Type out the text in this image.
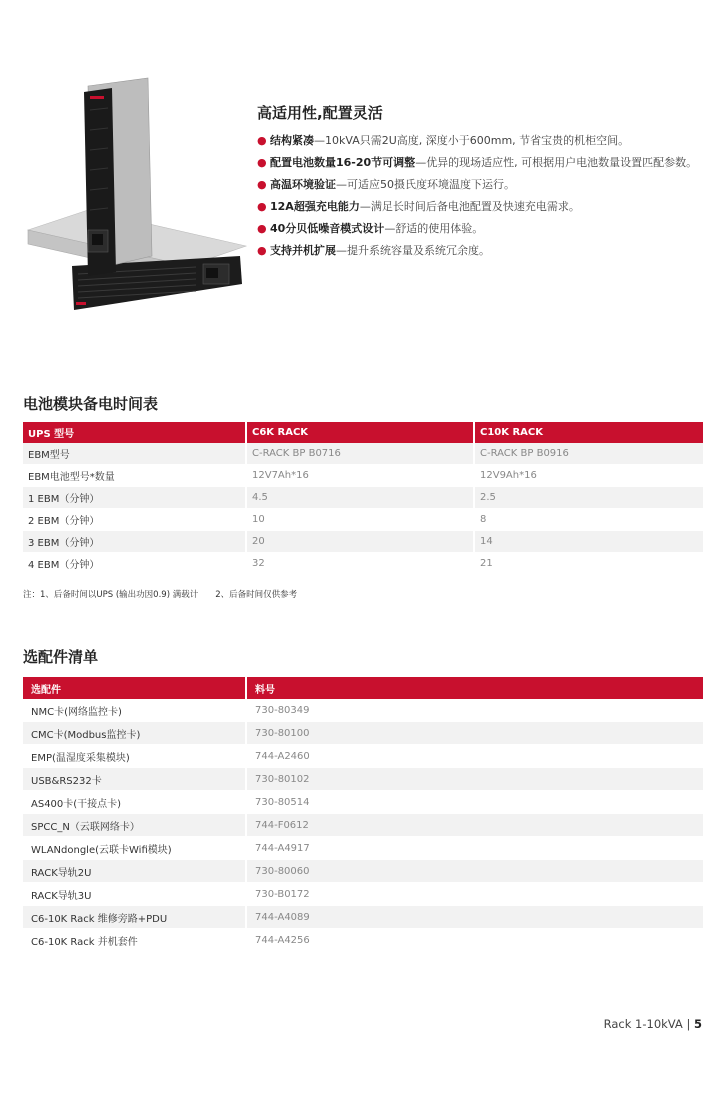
高适用性,配置灵活
● 结构紧凑—10kVA只需2U高度, 深度小于600mm, 节省宝贵的机柜空间。
● 配置电池数量16-20节可调整—优异的现场适应性, 可根据用户电池数量设置匹配参数。
● 高温环境验证—可适应50摄氏度环境温度下运行。
● 12A超强充电能力—满足长时间后备电池配置及快速充电需求。
● 40分贝低噪音模式设计—舒适的使用体验。
● 支持并机扩展—提升系统容量及系统冗余度。
电池模块备电时间表
UPS 型号	C6K RACK	C10K RACK
EBM型号	C-RACK BP B0716	C-RACK BP B0916
EBM电池型号*数量	12V7Ah*16	12V9Ah*16
1 EBM（分钟）	4.5	2.5
2 EBM（分钟）	10	8
3 EBM（分钟）	20	14
4 EBM（分钟）	32	21
注：1、后备时间以UPS (输出功因0.9) 满载计　　2、后备时间仅供参考
选配件清单
选配件	料号
NMC卡(网络监控卡)	730-80349
CMC卡(Modbus监控卡)	730-80100
EMP(温湿度采集模块)	744-A2460
USB&RS232卡	730-80102
AS400卡(干接点卡)	730-80514
SPCC_N（云联网络卡）	744-F0612
WLANdongle(云联卡Wifi模块)	744-A4917
RACK导轨2U	730-80060
RACK导轨3U	730-B0172
C6-10K Rack 维修旁路+PDU	744-A4089
C6-10K Rack 并机套件	744-A4256
Rack 1-10kVA | 5
